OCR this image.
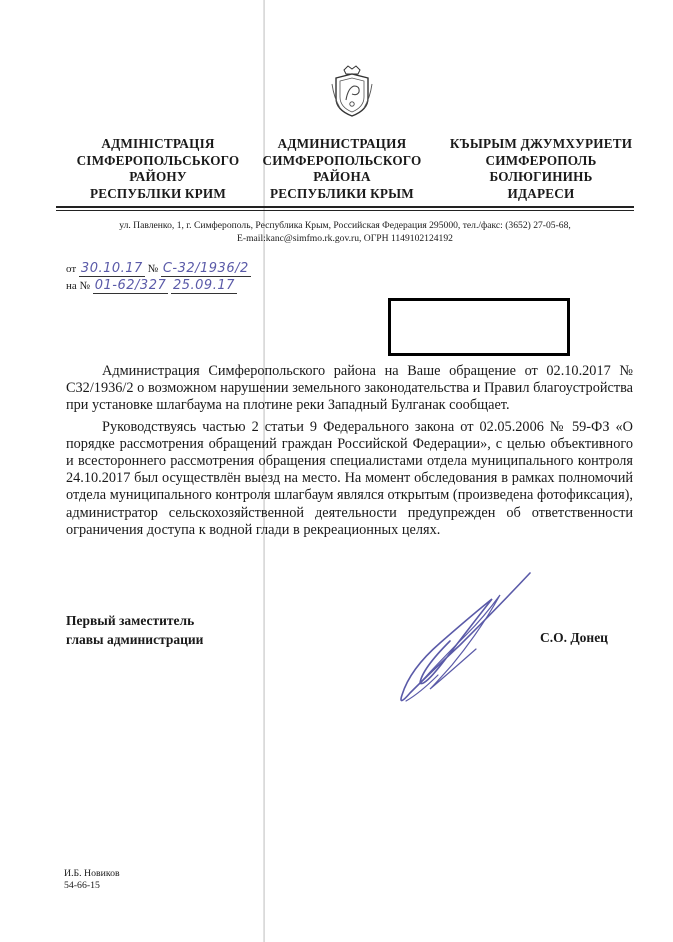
АДМІНІСТРАЦІЯ
СІМФЕРОПОЛЬСЬКОГО
РАЙОНУ
РЕСПУБЛІКИ КРИМ
АДМИНИСТРАЦИЯ
СИМФЕРОПОЛЬСКОГО
РАЙОНА
РЕСПУБЛИКИ КРЫМ
КЪЫРЫМ ДЖУМХУРИЕТИ
СИМФЕРОПОЛЬ
БОЛЮГИНИНЬ
ИДАРЕСИ
ул. Павленко, 1, г. Симферополь, Республика Крым, Российская Федерация 295000, тел./факс: (3652) 27-05-68,
E-mail:kanc@simfmo.rk.gov.ru, ОГРН 1149102124192
от 30.10.17 № С-32/1936/2
на № 01-62/327 25.09.17

Администрация Симферопольского района на Ваше обращение от 02.10.2017 № С32/1936/2 о возможном нарушении земельного законодательства и Правил благоустройства при установке шлагбаума на плотине реки Западный Булганак сообщает.

Руководствуясь частью 2 статьи 9 Федерального закона от 02.05.2006 № 59-ФЗ «О порядке рассмотрения обращений граждан Российской Федерации», с целью объективного и всестороннего рассмотрения обращения специалистами отдела муниципального контроля 24.10.2017 был осуществлён выезд на место. На момент обследования в рамках полномочий отдела муниципального контроля шлагбаум являлся открытым (произведена фотофиксация), администратор сельскохозяйственной деятельности предупрежден об ответственности ограничения доступа к водной глади в рекреационных целях.

Первый заместитель
главы администрации	С.О. Донец
И.Б. Новиков
54-66-15
